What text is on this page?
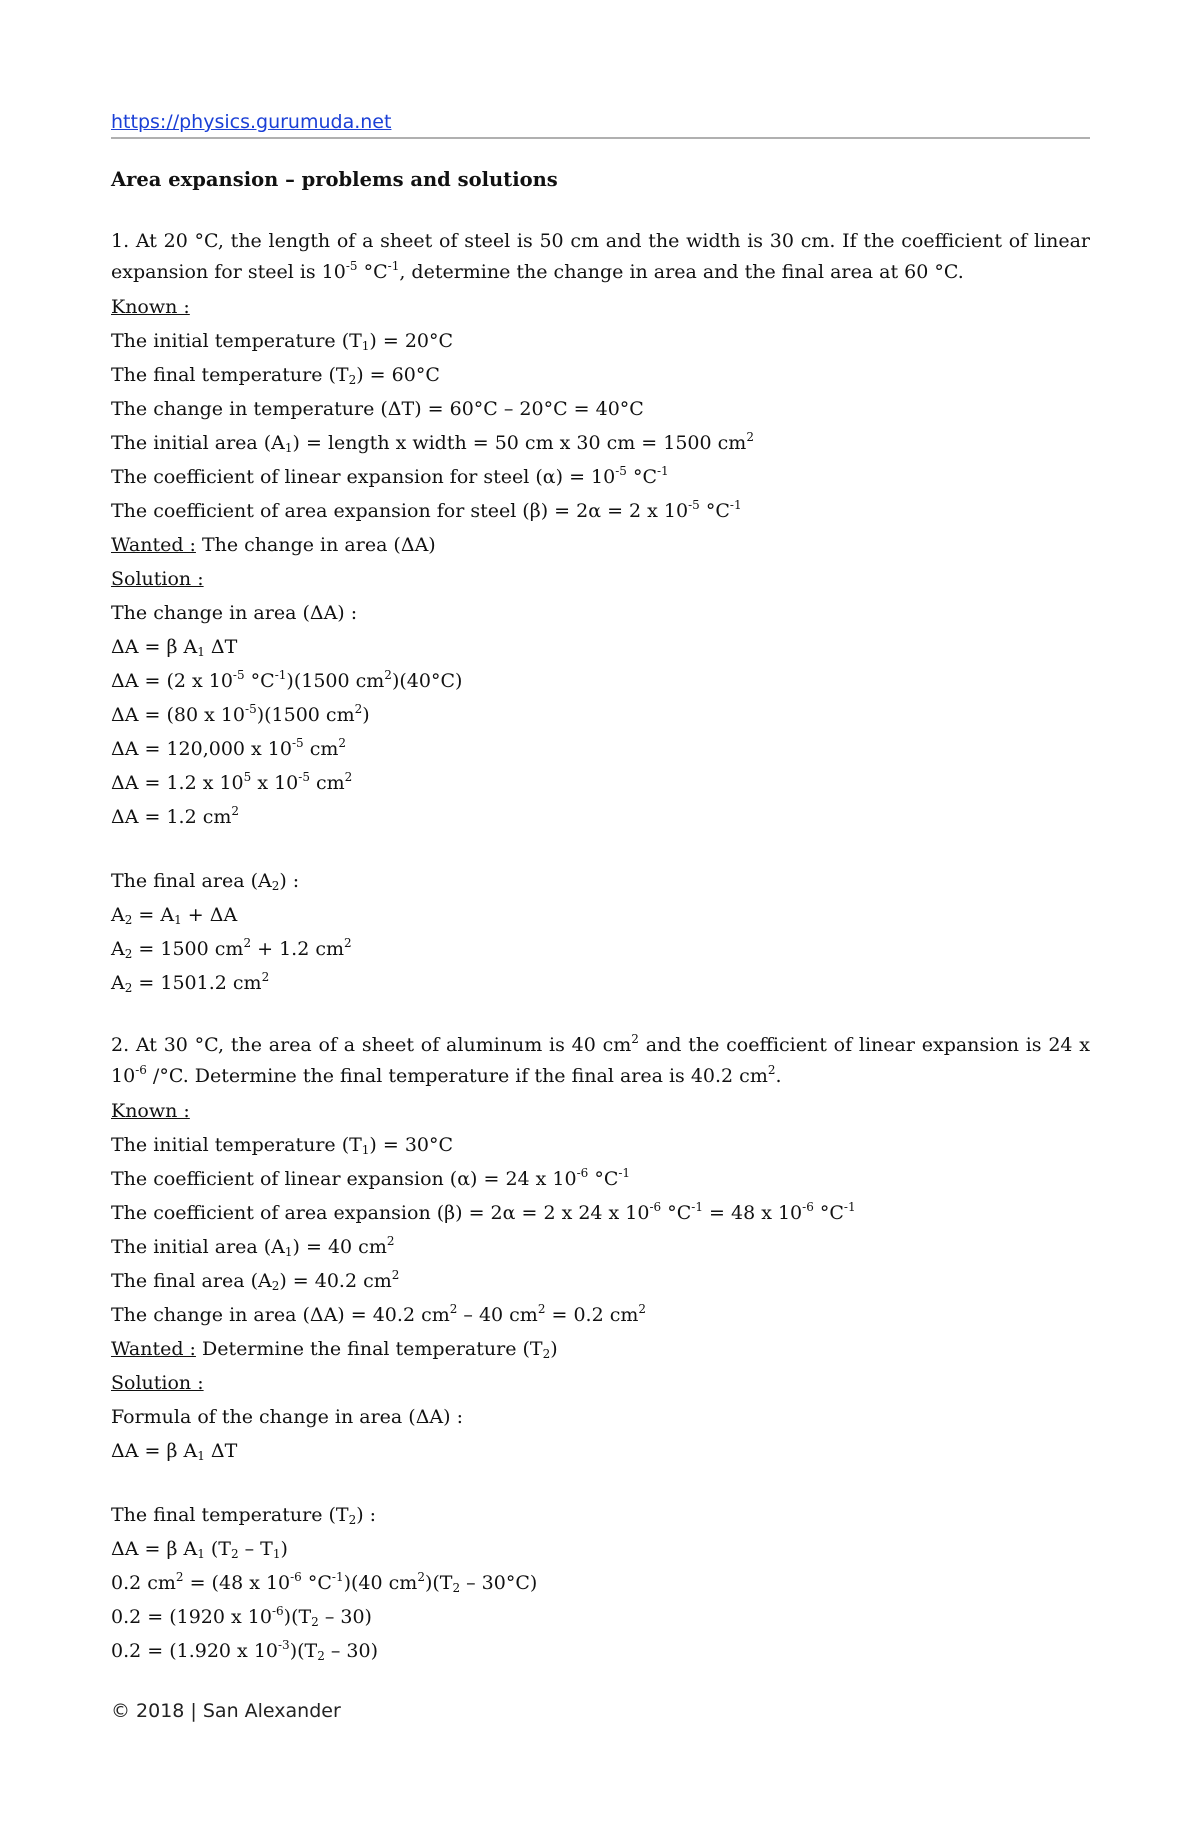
https://physics.gurumuda.net
Area expansion – problems and solutions
1. At 20 °C, the length of a sheet of steel is 50 cm and the width is 30 cm. If the coefficient of linear expansion for steel is $10^{-5}$ $^\circ C^{-1}$, determine the change in area and the final area at 60 °C.
Known :
The initial temperature $(T_1) = 20^\circ C$
The final temperature $(T_2) = 60^\circ C$
The change in temperature (ΔT) = 60°C – 20°C = 40°C
The initial area $(A_1)$ = length x width = 50 cm x 30 cm = 1500 $cm^2$
The coefficient of linear expansion for steel $(\alpha) = 10^{-5}$ $^\circ C^{-1}$
The coefficient of area expansion for steel (β) = 2α = 2 x $10^{-5}$ $^\circ C^{-1}$
Wanted : The change in area (ΔA)
Solution :
The change in area (ΔA) :
ΔA = β $A_1$ ΔT
ΔA = (2 x $10^{-5}$ $^\circ C^{-1})(1500$ $cm^2)(40^\circ C)$
ΔA = (80 x $10^{-5})(1500$ $cm^2$)
ΔA = 120,000 x $10^{-5}$ $cm^2$
ΔA = 1.2 x $10^5$ x $10^{-5}$ $cm^2$
ΔA = 1.2 $cm^2$
The final area $(A_2)$ :
$A_2 = A_1 + \Delta A$
$A_2 = 1500$ $cm^2 + 1.2$ $cm^2$
$A_2 = 1501.2$ $cm^2$
2. At 30 °C, the area of a sheet of aluminum is 40 $cm^2$ and the coefficient of linear expansion is 24 x $10^{-6}$ /°C. Determine the final temperature if the final area is 40.2 $cm^2$.
Known :
The initial temperature $(T_1) = 30^\circ C$
The coefficient of linear expansion (α) = 24 x $10^{-6}$ $^\circ C^{-1}$
The coefficient of area expansion (β) = 2α = 2 x 24 x $10^{-6}$ $^\circ C^{-1} = 48$ x $10^{-6}$ $^\circ C^{-1}$
The initial area $(A_1) = 40$ $cm^2$
The final area $(A_2) = 40.2$ $cm^2$
The change in area (ΔA) = 40.2 $cm^2 - 40$ $cm^2 = 0.2$ $cm^2$
Wanted : Determine the final temperature $(T_2)$
Solution :
Formula of the change in area (ΔA) :
ΔA = β $A_1$ ΔT
The final temperature $(T_2)$ :
ΔA = β $A_1$ $(T_2 - T_1)$
0.2 $cm^2 = (48$ x $10^{-6}$ $^\circ C^{-1})(40$ $cm^2)(T_2 - 30^\circ C)$
0.2 = (1920 x $10^{-6})(T_2 - 30)$
0.2 = (1.920 x $10^{-3})(T_2 - 30)$
© 2018 | San Alexander
